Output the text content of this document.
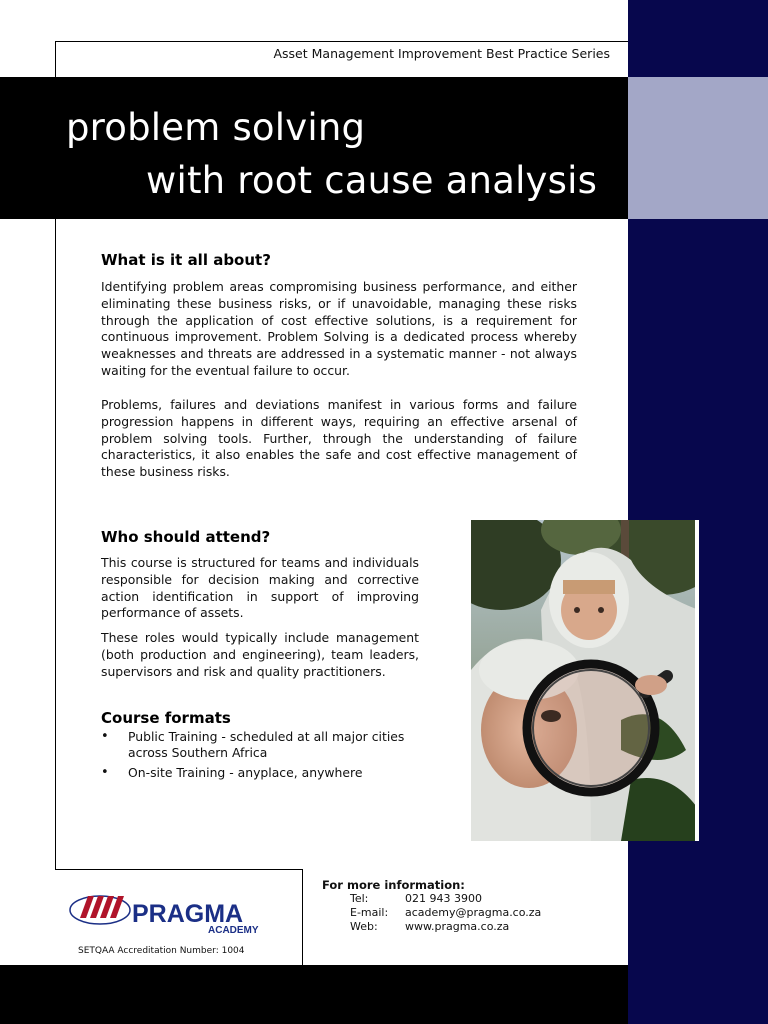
Asset Management Improvement Best Practice Series
problem solving
with root cause analysis
What is it all about?

Identifying problem areas compromising business performance, and either eliminating these business risks, or if unavoidable, managing these risks through the application of cost effective solutions, is a requirement for continuous improvement. Problem Solving is a dedicated process whereby weaknesses and threats are addressed in a systematic manner - not always waiting for the eventual failure to occur.

Problems, failures and deviations manifest in various forms and failure progression happens in different ways, requiring an effective arsenal of problem solving tools. Further, through the understanding of failure characteristics, it also enables the safe and cost effective management of these business risks.

Who should attend?

This course is structured for teams and individuals responsible for decision making and corrective action identification in support of improving performance of assets.

These roles would typically include management (both production and engineering), team leaders, supervisors and risk and quality practitioners.

Course formats
• Public Training - scheduled at all major cities across Southern Africa
• On-site Training - anyplace, anywhere
PRAGMA
ACADEMY
SETQAA Accreditation Number: 1004
For more information:
Tel:	021 943 3900
E-mail: academy@pragma.co.za
Web: www.pragma.co.za
